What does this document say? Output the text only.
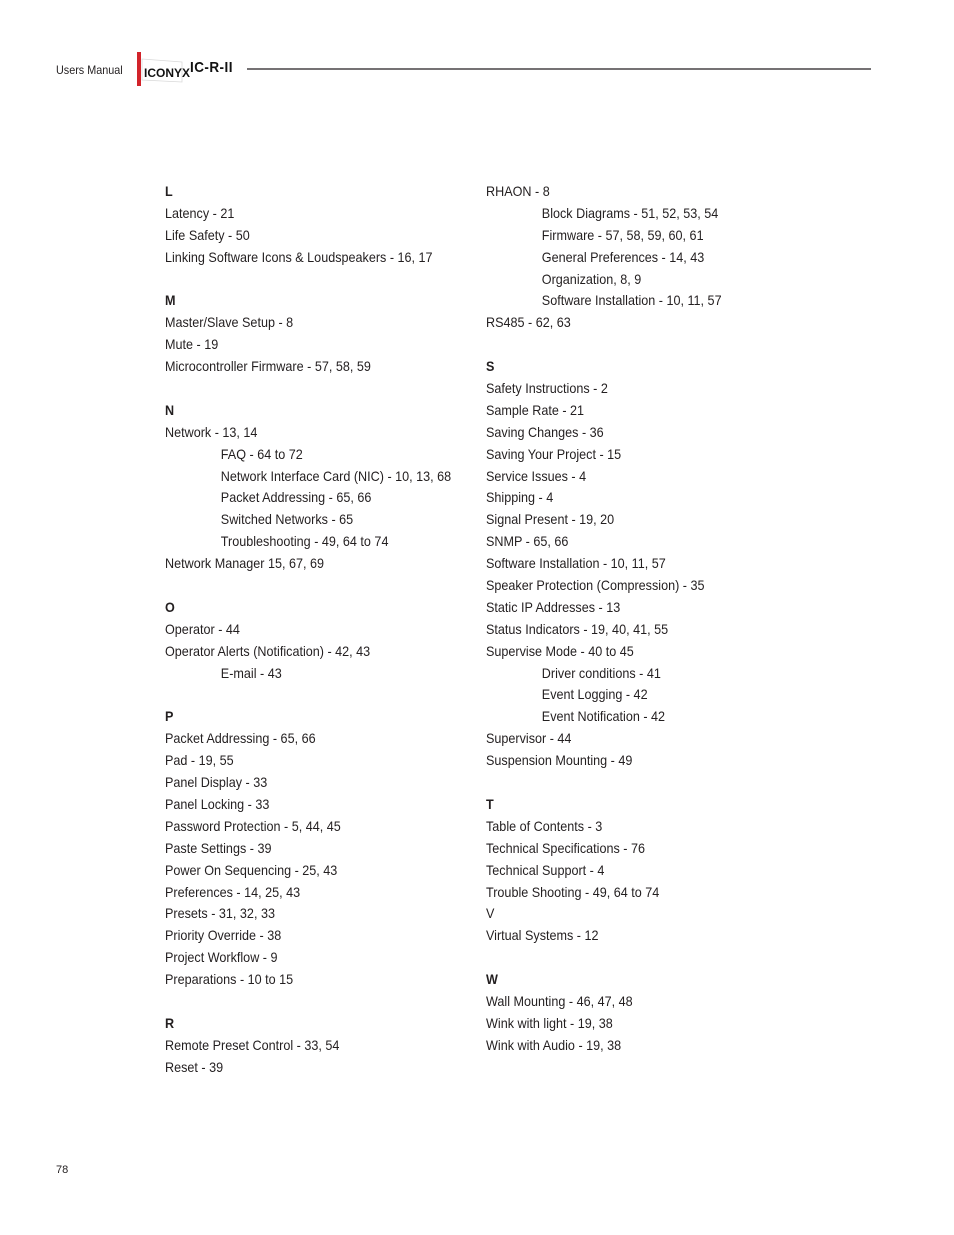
Users Manual ICONYX IC-R-II
L
Latency - 21
Life Safety - 50
Linking Software Icons & Loudspeakers - 16, 17
M
Master/Slave Setup - 8
Mute - 19
Microcontroller Firmware - 57, 58, 59
N
Network - 13, 14
FAQ - 64 to 72
Network Interface Card (NIC) - 10, 13, 68
Packet Addressing - 65, 66
Switched Networks - 65
Troubleshooting - 49, 64 to 74
Network Manager 15, 67, 69
O
Operator - 44
Operator Alerts (Notification) - 42, 43
E-mail - 43
P
Packet Addressing - 65, 66
Pad - 19, 55
Panel Display - 33
Panel Locking - 33
Password Protection - 5, 44, 45
Paste Settings - 39
Power On Sequencing - 25, 43
Preferences - 14, 25, 43
Presets - 31, 32, 33
Priority Override - 38
Project Workflow - 9
Preparations - 10 to 15
R
Remote Preset Control - 33, 54
Reset - 39
RHAON - 8
Block Diagrams - 51, 52, 53, 54
Firmware - 57, 58, 59, 60, 61
General Preferences - 14, 43
Organization, 8, 9
Software Installation - 10, 11, 57
RS485 - 62, 63
S
Safety Instructions - 2
Sample Rate - 21
Saving Changes - 36
Saving Your Project - 15
Service Issues - 4
Shipping - 4
Signal Present - 19, 20
SNMP - 65, 66
Software Installation - 10, 11, 57
Speaker Protection (Compression) - 35
Static IP Addresses - 13
Status Indicators - 19, 40, 41, 55
Supervise Mode - 40 to 45
Driver conditions - 41
Event Logging - 42
Event Notification - 42
Supervisor - 44
Suspension Mounting - 49
T
Table of Contents - 3
Technical Specifications - 76
Technical Support - 4
Trouble Shooting - 49, 64 to 74
V
Virtual Systems - 12
W
Wall Mounting - 46, 47, 48
Wink with light - 19, 38
Wink with Audio - 19, 38
78
